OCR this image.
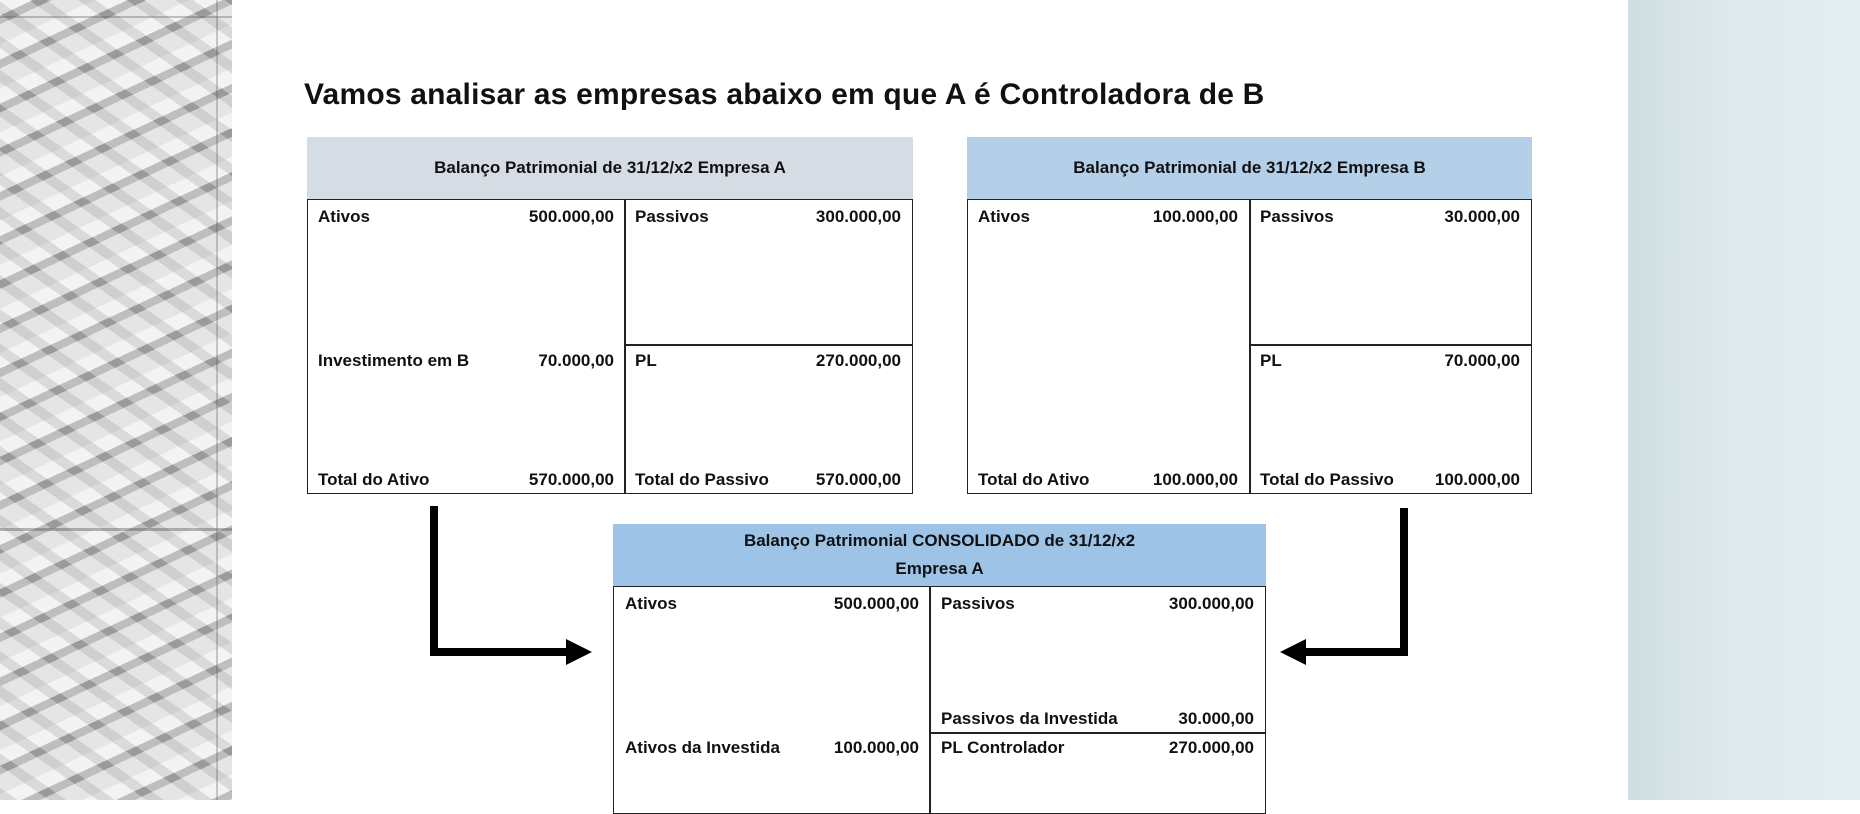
Vamos analisar as empresas abaixo em que A é Controladora de B
Balanço Patrimonial de 31/12/x2 Empresa A
Ativos	500.000,00 Passivos	300.000,00
Investimento em B	70.000,00 PL	270.000,00
Total do Ativo	570.000,00 Total do Passivo	570.000,00
Balanço Patrimonial de 31/12/x2 Empresa B
Ativos	100.000,00 Passivos	30.000,00
PL	70.000,00
Total do Ativo	100.000,00 Total do Passivo 100.000,00
Balanço Patrimonial CONSOLIDADO de 31/12/x2
Empresa A
Ativos	500.000,00 Passivos	300.000,00
Passivos da Investida	30.000,00
Ativos da Investida	100.000,00 PL Controlador	270.000,00
